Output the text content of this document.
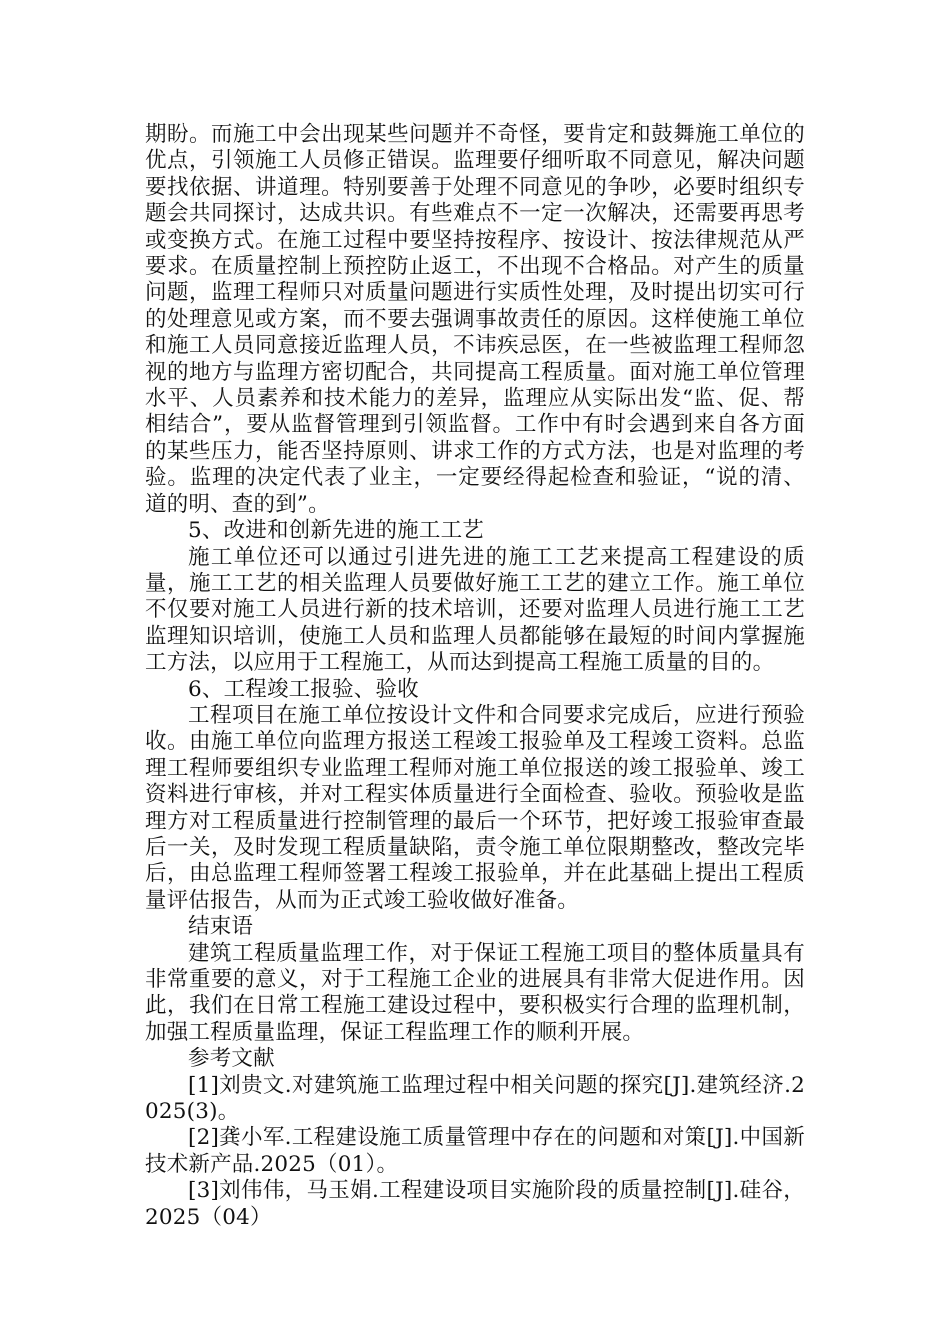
期盼。而施工中会出现某些问题并不奇怪，要肯定和鼓舞施工单位的优点，引领施工人员修正错误。监理要仔细听取不同意见，解决问题要找依据、讲道理。特别要善于处理不同意见的争吵，必要时组织专题会共同探讨，达成共识。有些难点不一定一次解决，还需要再思考或变换方式。在施工过程中要坚持按程序、按设计、按法律规范从严要求。在质量控制上预控防止返工，不出现不合格品。对产生的质量问题，监理工程师只对质量问题进行实质性处理，及时提出切实可行的处理意见或方案，而不要去强调事故责任的原因。这样使施工单位和施工人员同意接近监理人员，不讳疾忌医，在一些被监理工程师忽视的地方与监理方密切配合，共同提高工程质量。面对施工单位管理水平、人员素养和技术能力的差异，监理应从实际出发“监、促、帮相结合”，要从监督管理到引领监督。工作中有时会遇到来自各方面的某些压力，能否坚持原则、讲求工作的方式方法，也是对监理的考验。监理的决定代表了业主，一定要经得起检查和验证，“说的清、道的明、查的到”。

5、改进和创新先进的施工工艺

施工单位还可以通过引进先进的施工工艺来提高工程建设的质量，施工工艺的相关监理人员要做好施工工艺的建立工作。施工单位不仅要对施工人员进行新的技术培训，还要对监理人员进行施工工艺监理知识培训，使施工人员和监理人员都能够在最短的时间内掌握施工方法，以应用于工程施工，从而达到提高工程施工质量的目的。

6、工程竣工报验、验收

工程项目在施工单位按设计文件和合同要求完成后，应进行预验收。由施工单位向监理方报送工程竣工报验单及工程竣工资料。总监理工程师要组织专业监理工程师对施工单位报送的竣工报验单、竣工资料进行审核，并对工程实体质量进行全面检查、验收。预验收是监理方对工程质量进行控制管理的最后一个环节，把好竣工报验审查最后一关，及时发现工程质量缺陷，责令施工单位限期整改，整改完毕后，由总监理工程师签署工程竣工报验单，并在此基础上提出工程质量评估报告，从而为正式竣工验收做好准备。

结束语

建筑工程质量监理工作，对于保证工程施工项目的整体质量具有非常重要的意义，对于工程施工企业的进展具有非常大促进作用。因此，我们在日常工程施工建设过程中，要积极实行合理的监理机制，加强工程质量监理，保证工程监理工作的顺利开展。

参考文献

[1]刘贵文.对建筑施工监理过程中相关问题的探究[J].建筑经济.2025(3)。

[2]龚小军.工程建设施工质量管理中存在的问题和对策[J].中国新技术新产品.2025（01）。

[3]刘伟伟，马玉娟.工程建设项目实施阶段的质量控制[J].硅谷，2025（04）
